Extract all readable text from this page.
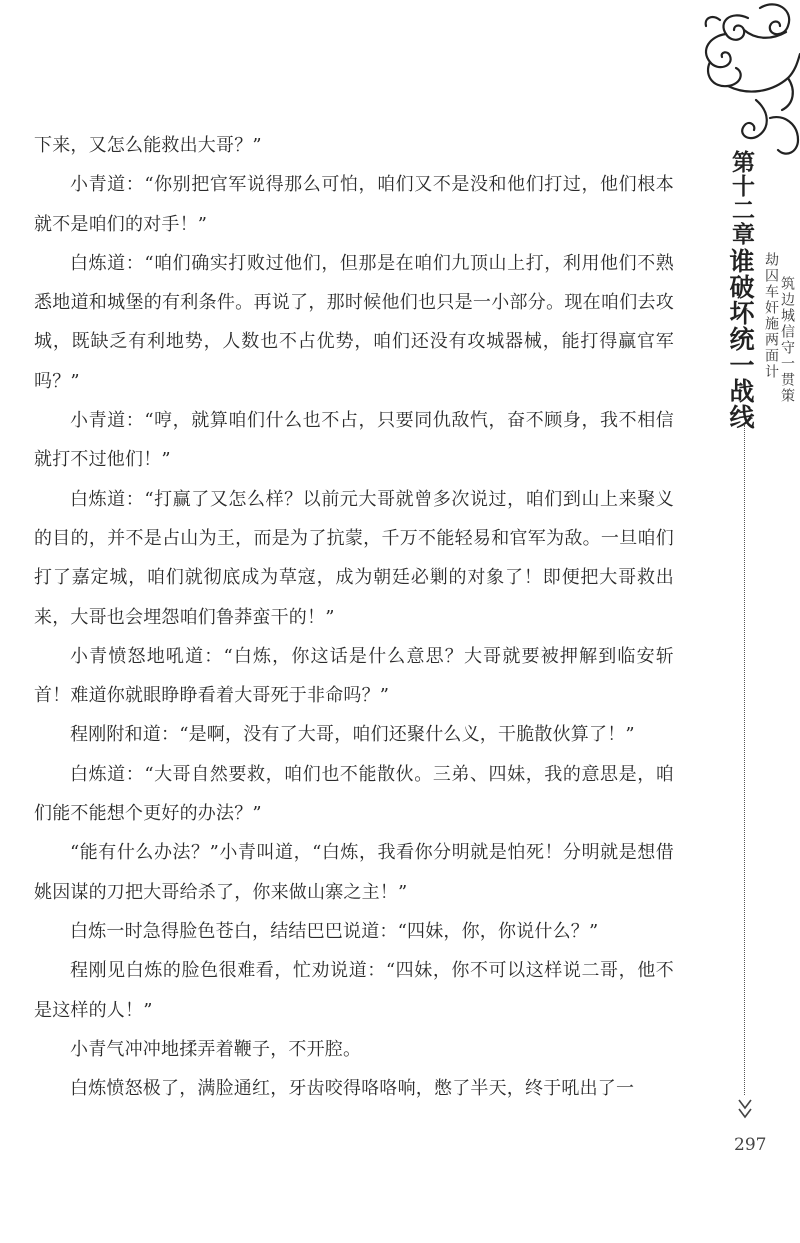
下来，又怎么能救出大哥？”

小青道：“你别把官军说得那么可怕，咱们又不是没和他们打过，他们根本就不是咱们的对手！”

白炼道：“咱们确实打败过他们，但那是在咱们九顶山上打，利用他们不熟悉地道和城堡的有利条件。再说了，那时候他们也只是一小部分。现在咱们去攻城，既缺乏有利地势，人数也不占优势，咱们还没有攻城器械，能打得赢官军吗？”

小青道：“哼，就算咱们什么也不占，只要同仇敌忾，奋不顾身，我不相信就打不过他们！”

白炼道：“打赢了又怎么样？以前元大哥就曾多次说过，咱们到山上来聚义的目的，并不是占山为王，而是为了抗蒙，千万不能轻易和官军为敌。一旦咱们打了嘉定城，咱们就彻底成为草寇，成为朝廷必剿的对象了！即便把大哥救出来，大哥也会埋怨咱们鲁莽蛮干的！”

小青愤怒地吼道：“白炼，你这话是什么意思？大哥就要被押解到临安斩首！难道你就眼睁睁看着大哥死于非命吗？”

程刚附和道：“是啊，没有了大哥，咱们还聚什么义，干脆散伙算了！”

白炼道：“大哥自然要救，咱们也不能散伙。三弟、四妹，我的意思是，咱们能不能想个更好的办法？”

“能有什么办法？”小青叫道，“白炼，我看你分明就是怕死！分明就是想借姚因谋的刀把大哥给杀了，你来做山寨之主！”

白炼一时急得脸色苍白，结结巴巴说道：“四妹，你，你说什么？”

程刚见白炼的脸色很难看，忙劝说道：“四妹，你不可以这样说二哥，他不是这样的人！”

小青气冲冲地揉弄着鞭子，不开腔。

白炼愤怒极了，满脸通红，牙齿咬得咯咯响，憋了半天，终于吼出了一

第十二章
谁破坏统一战线 劫囚车奸施两面计 筑边城信守一贯策
297
